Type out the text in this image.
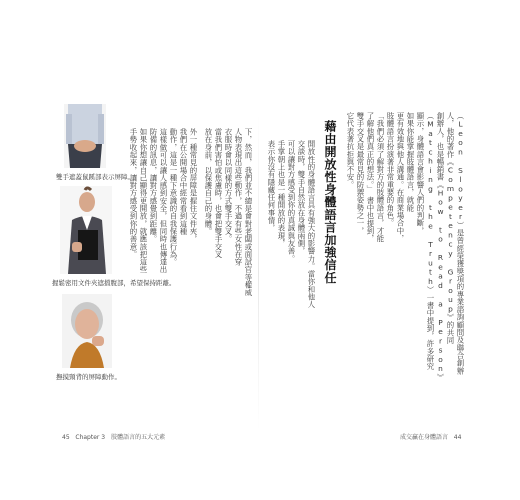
雙手遮蓋鼠蹊部表示屏障。
握鬆密用文件夾遮擋腹部，希望保持距離。
撫摸頸背的屏障動作。
下，然而，我們並不總是會對老闆或面試官等權威
人物表現出這些動作，不過有些女性在穿
衣服時會以同樣的方式雙手交叉。
當我們害怕或焦慮時，也會把雙手交叉
放在身前，以保護自己的身體。
外一種常見的屏障是握住文件夾，
我們在公開場合中經常看到這種
動作，這是一種下意識的自我保護行為。
這樣做可以讓人感到安全，但同時也傳達出
防備的訊息，讓對方感覺到距離。
如果你想讓自己顯得更開放，就應該把這些
手勢收起來，讓對方感受到你的善意。
45 Chapter 3　肢體語言的五大元素
（Leon Sloyer）是曾經榮獲獎項的專業諮詢顧問及聯合創辦
人，他的著作《Competency Group》的共同
創辦人，也是暢銷書《How to Read a Person》
（Matching the Truth）一書中提到，許多研究
顯示，身體語言會影響人們的判斷，
如果你能掌握肢體語言，就能
更有效地與他人溝通。在商業場合中，
肢體語言扮演著非常重要的角色。
「我們必須了解對方的肢體語言，才能
了解他們真正的想法。」　書中也提到，
雙手交叉是最常見的防禦姿勢之一，
它代表著抗拒與不安。
藉由開放性身體語言加強信任
開放性的身體語言具有強大的影響力。當你和他人
交談時，雙手自然放在身體兩側，
可以讓對方感受到你的真誠與友善。
手掌朝上也是一種開放的表現，
表示你沒有隱藏任何事情，
成交贏在身體語言 44
